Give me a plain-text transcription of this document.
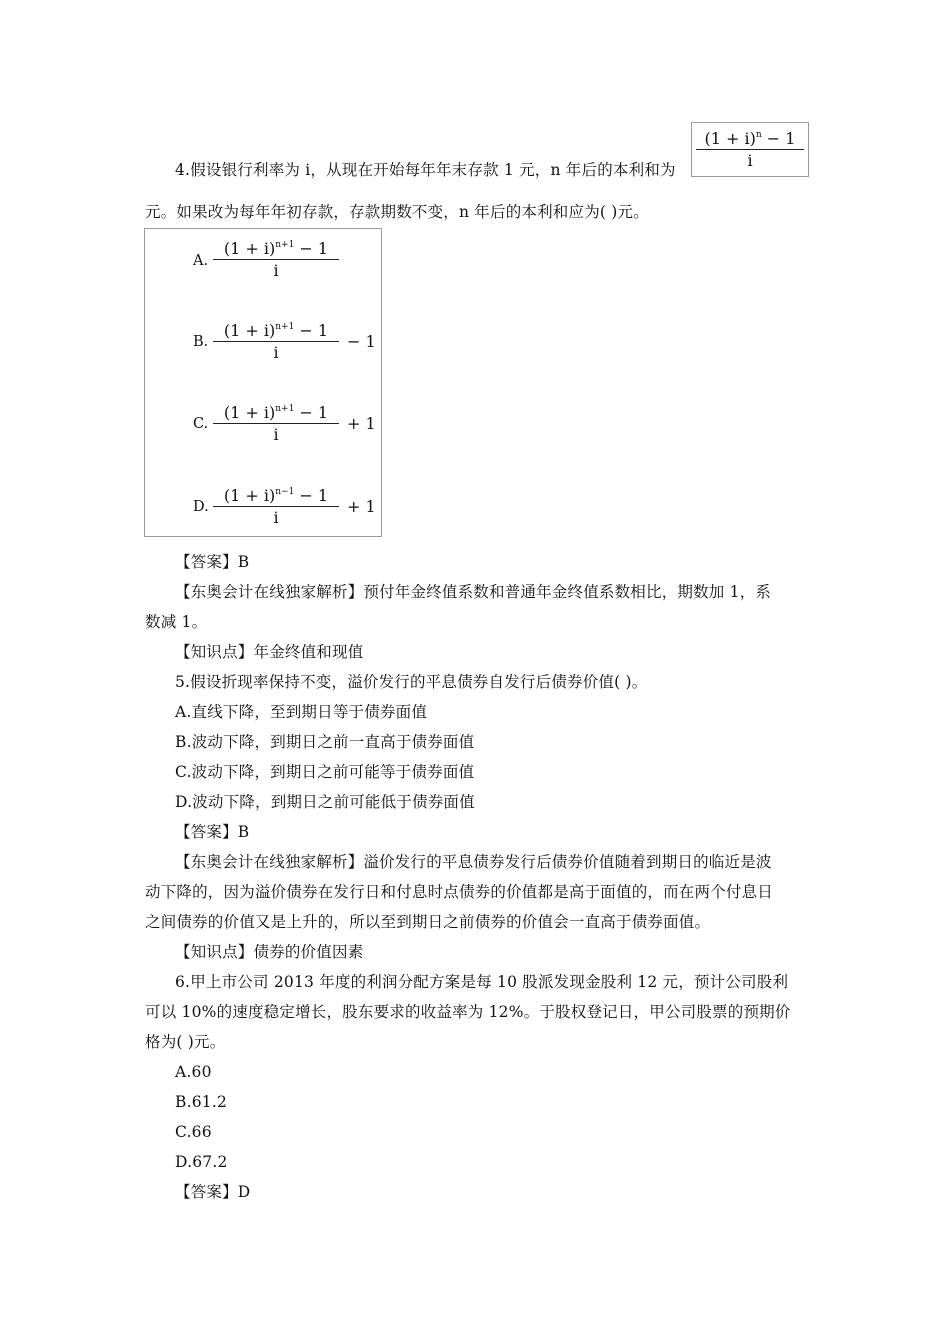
4.假设银行利率为 i，从现在开始每年年末存款 1 元，n 年后的本利和为
$(1 + i)^n - 1$
i
元。如果改为每年年初存款，存款期数不变，n 年后的本利和应为( )元。
A.
$(1 + i)^{n+1} - 1$
i
B.
$(1 + i)^{n+1} - 1$
i
− 1
C.
$(1 + i)^{n+1} - 1$
i
+ 1
D.
$(1 + i)^{n-1} - 1$
i
+ 1
【答案】B
【东奥会计在线独家解析】预付年金终值系数和普通年金终值系数相比，期数加 1，系
数减 1。
【知识点】年金终值和现值
5.假设折现率保持不变，溢价发行的平息债券自发行后债券价值( )。
A.直线下降，至到期日等于债券面值
B.波动下降，到期日之前一直高于债券面值
C.波动下降，到期日之前可能等于债券面值
D.波动下降，到期日之前可能低于债券面值
【答案】B
【东奥会计在线独家解析】溢价发行的平息债券发行后债券价值随着到期日的临近是波
动下降的，因为溢价债券在发行日和付息时点债券的价值都是高于面值的，而在两个付息日
之间债券的价值又是上升的，所以至到期日之前债券的价值会一直高于债券面值。
【知识点】债券的价值因素
6.甲上市公司 2013 年度的利润分配方案是每 10 股派发现金股利 12 元，预计公司股利
可以 10%的速度稳定增长，股东要求的收益率为 12%。于股权登记日，甲公司股票的预期价
格为( )元。
A.60
B.61.2
C.66
D.67.2
【答案】D
